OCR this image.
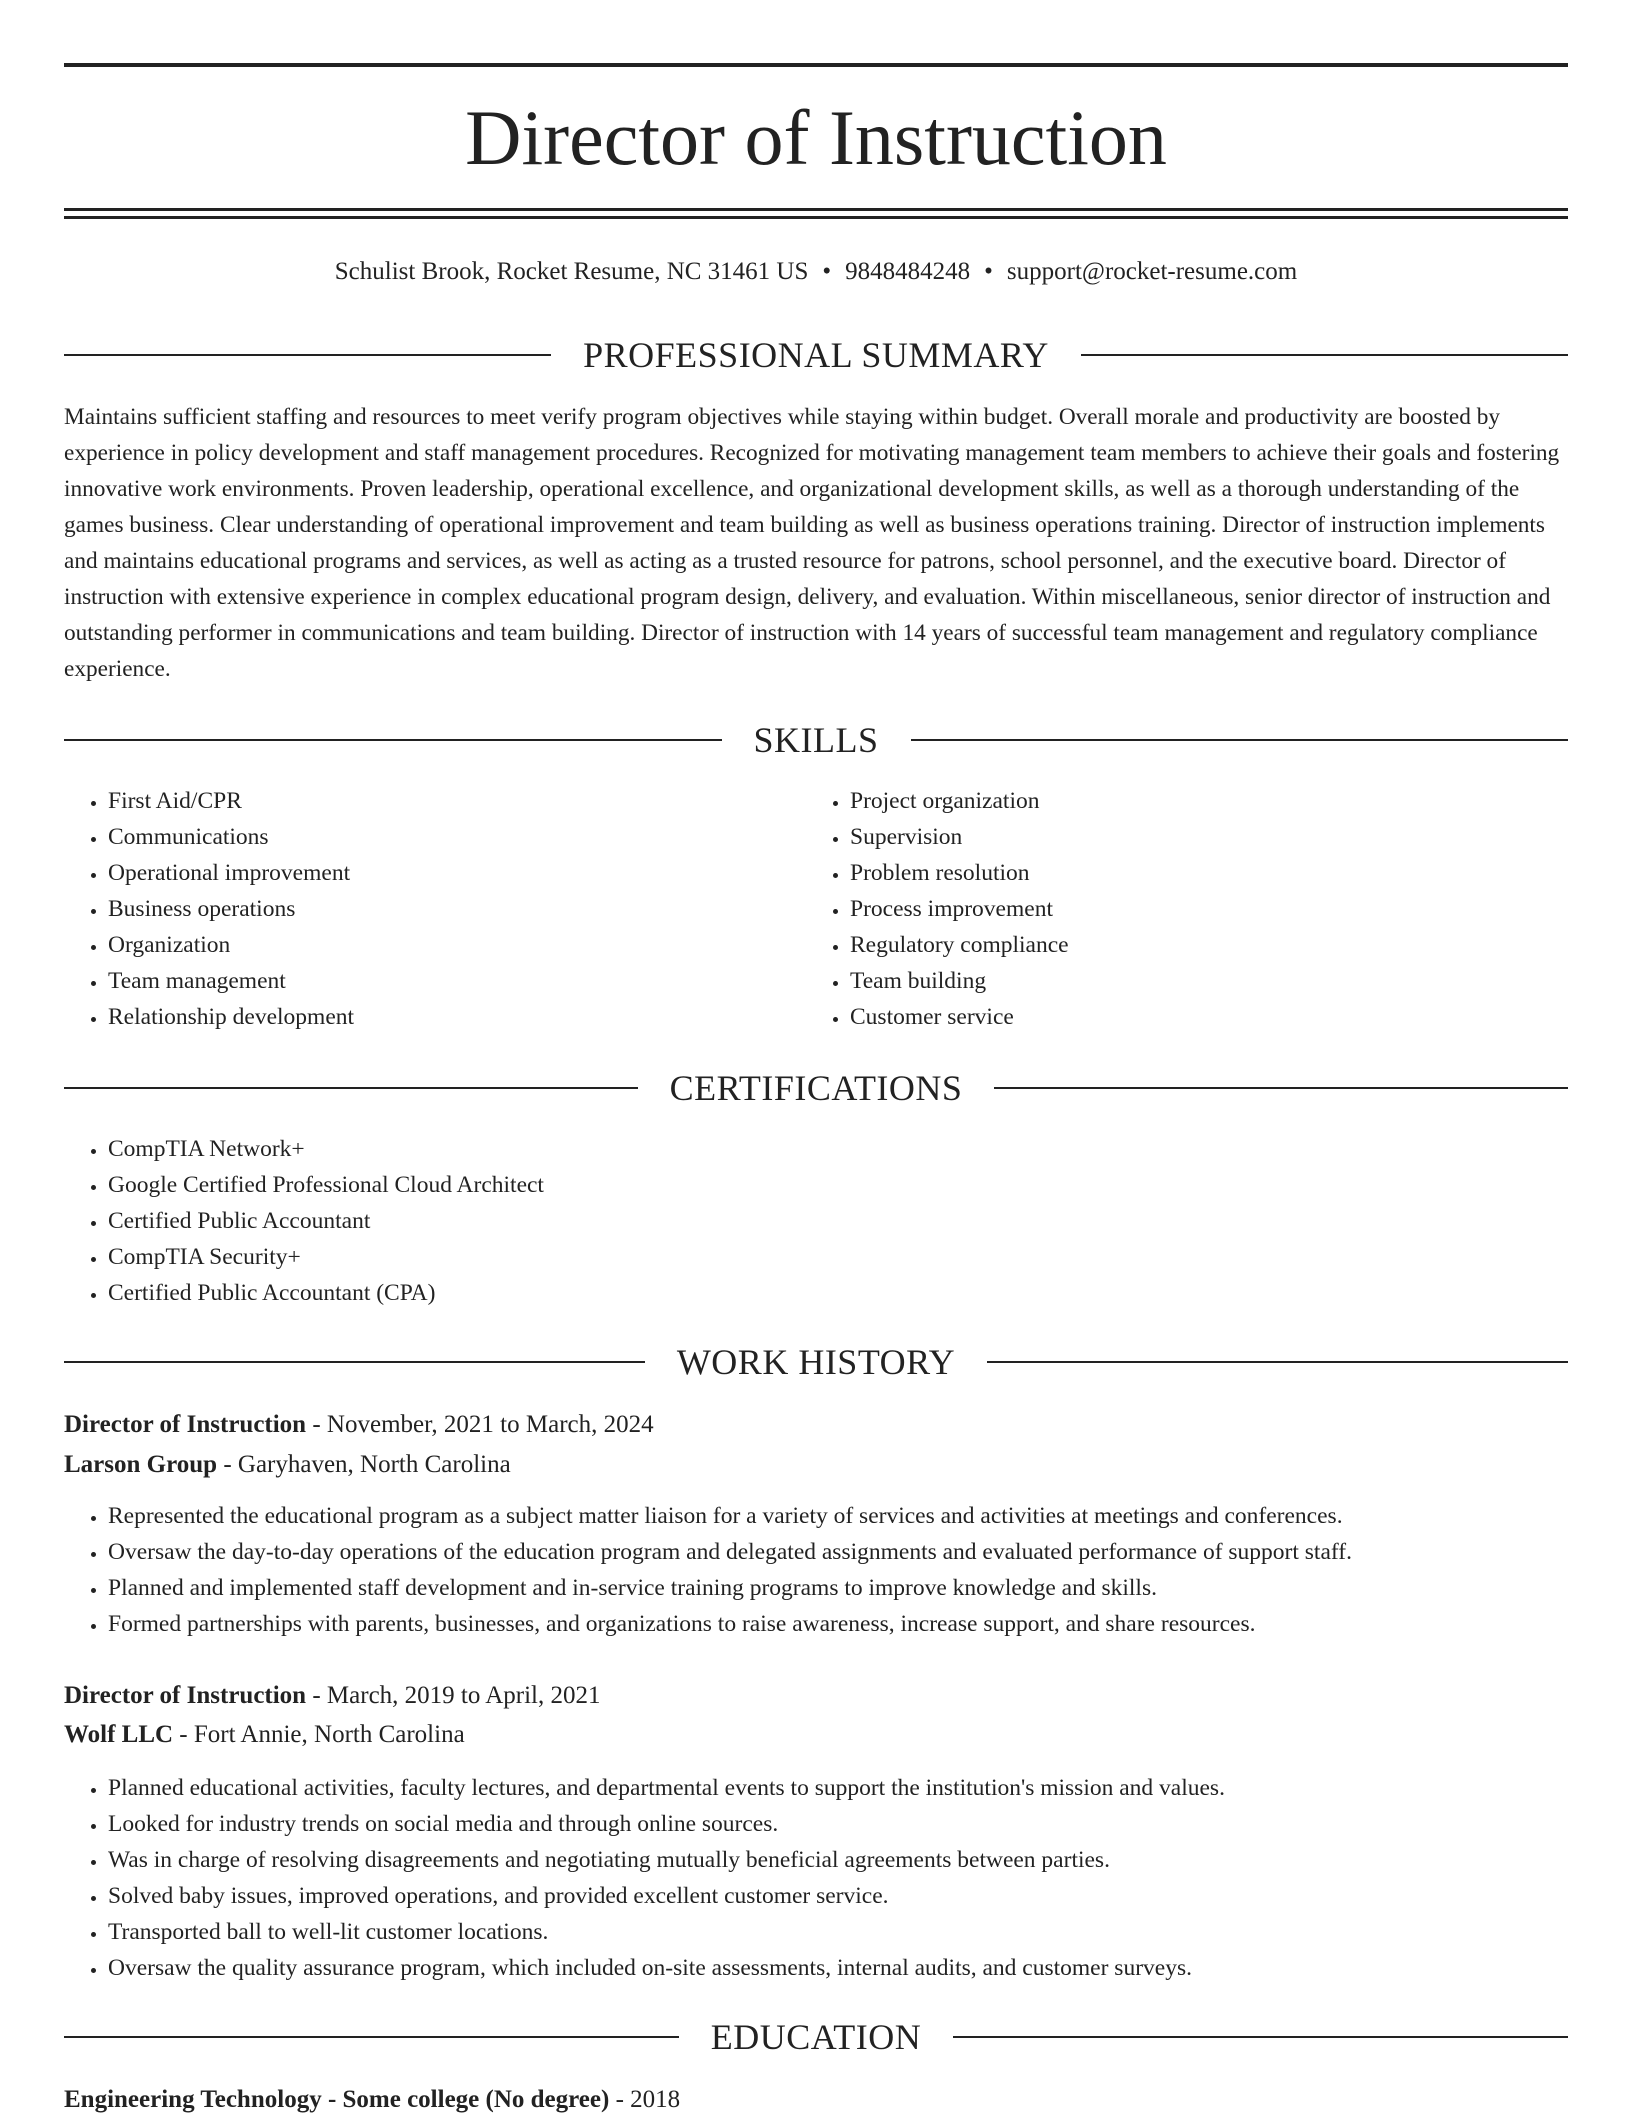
Director of Instruction
Schulist Brook, Rocket Resume, NC 31461 US • 9848484248 • support@rocket-resume.com
PROFESSIONAL SUMMARY

Maintains sufficient staffing and resources to meet verify program objectives while staying within budget. Overall morale and productivity are boosted by experience in policy development and staff management procedures. Recognized for motivating management team members to achieve their goals and fostering innovative work environments. Proven leadership, operational excellence, and organizational development skills, as well as a thorough understanding of the games business. Clear understanding of operational improvement and team building as well as business operations training. Director of instruction implements and maintains educational programs and services, as well as acting as a trusted resource for patrons, school personnel, and the executive board. Director of instruction with extensive experience in complex educational program design, delivery, and evaluation. Within miscellaneous, senior director of instruction and outstanding performer in communications and team building. Director of instruction with 14 years of successful team management and regulatory compliance experience.

SKILLS
• First Aid/CPR
• Communications
• Operational improvement
• Business operations
• Organization
• Team management
• Relationship development
• Project organization
• Supervision
• Problem resolution
• Process improvement
• Regulatory compliance
• Team building
• Customer service
CERTIFICATIONS
• CompTIA Network+
• Google Certified Professional Cloud Architect
• Certified Public Accountant
• CompTIA Security+
• Certified Public Accountant (CPA)
WORK HISTORY
Director of Instruction - November, 2021 to March, 2024
Larson Group - Garyhaven, North Carolina
• Represented the educational program as a subject matter liaison for a variety of services and activities at meetings and conferences.
• Oversaw the day-to-day operations of the education program and delegated assignments and evaluated performance of support staff.
• Planned and implemented staff development and in-service training programs to improve knowledge and skills.
• Formed partnerships with parents, businesses, and organizations to raise awareness, increase support, and share resources.
Director of Instruction - March, 2019 to April, 2021
Wolf LLC - Fort Annie, North Carolina
• Planned educational activities, faculty lectures, and departmental events to support the institution's mission and values.
• Looked for industry trends on social media and through online sources.
• Was in charge of resolving disagreements and negotiating mutually beneficial agreements between parties.
• Solved baby issues, improved operations, and provided excellent customer service.
• Transported ball to well-lit customer locations.
• Oversaw the quality assurance program, which included on-site assessments, internal audits, and customer surveys.
EDUCATION
Engineering Technology - Some college (No degree) - 2018
